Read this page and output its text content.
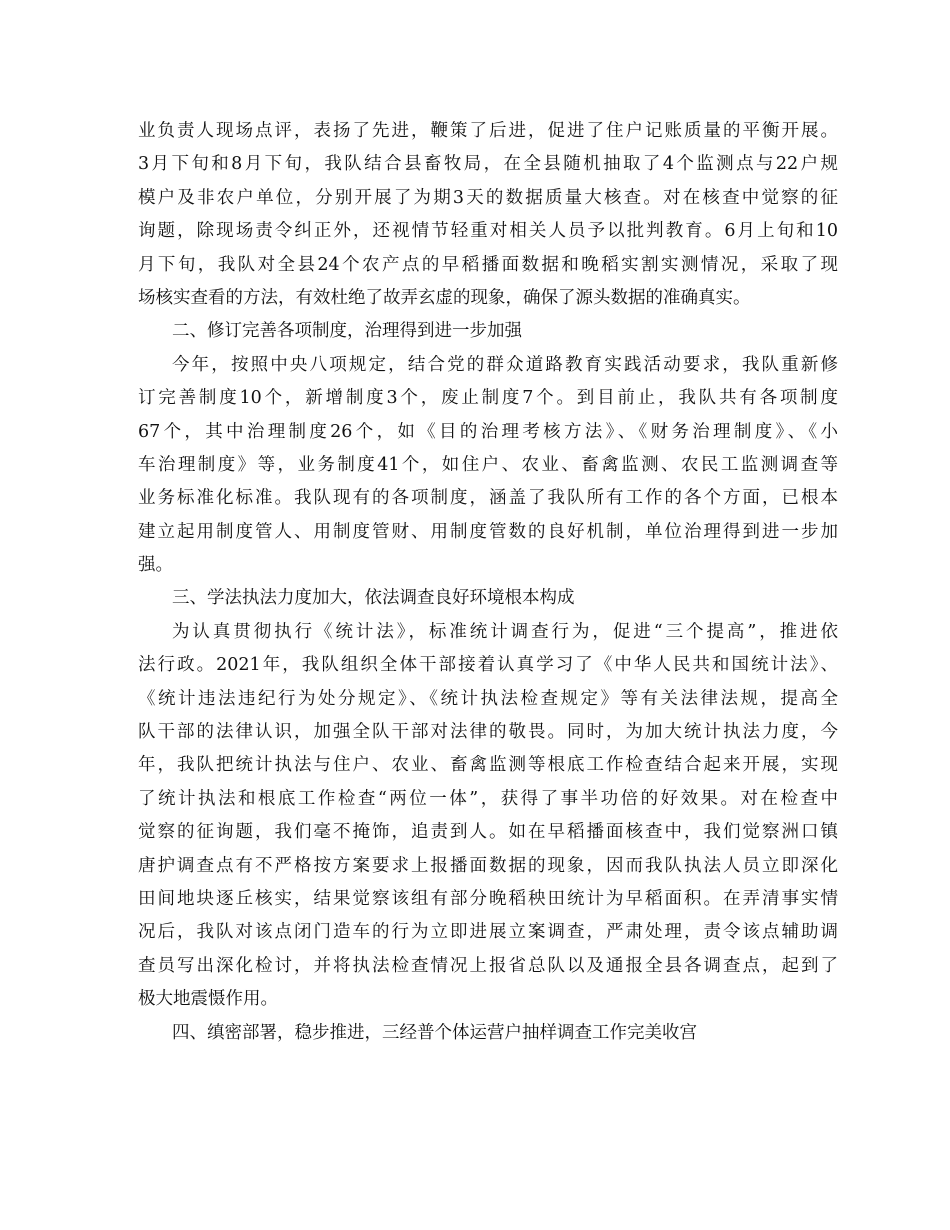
业负责人现场点评，表扬了先进，鞭策了后进，促进了住户记账质量的平衡开展。
3月下旬和8月下旬，我队结合县畜牧局，在全县随机抽取了4个监测点与22户规
模户及非农户单位，分别开展了为期3天的数据质量大核查。对在核查中觉察的征
询题，除现场责令纠正外，还视情节轻重对相关人员予以批判教育。6月上旬和10
月下旬，我队对全县24个农产点的早稻播面数据和晚稻实割实测情况，采取了现
场核实查看的方法，有效杜绝了故弄玄虚的现象，确保了源头数据的准确真实。
二、修订完善各项制度，治理得到进一步加强
今年，按照中央八项规定，结合党的群众道路教育实践活动要求，我队重新修
订完善制度10个，新增制度3个，废止制度7个。到目前止，我队共有各项制度
67个，其中治理制度26个，如《目的治理考核方法》、《财务治理制度》、《小
车治理制度》等，业务制度41个，如住户、农业、畜禽监测、农民工监测调查等
业务标准化标准。我队现有的各项制度，涵盖了我队所有工作的各个方面，已根本
建立起用制度管人、用制度管财、用制度管数的良好机制，单位治理得到进一步加
强。
三、学法执法力度加大，依法调查良好环境根本构成
为认真贯彻执行《统计法》，标准统计调查行为，促进“三个提高”，推进依
法行政。2021年，我队组织全体干部接着认真学习了《中华人民共和国统计法》、
《统计违法违纪行为处分规定》、《统计执法检查规定》等有关法律法规，提高全
队干部的法律认识，加强全队干部对法律的敬畏。同时，为加大统计执法力度，今
年，我队把统计执法与住户、农业、畜禽监测等根底工作检查结合起来开展，实现
了统计执法和根底工作检查“两位一体”，获得了事半功倍的好效果。对在检查中
觉察的征询题，我们毫不掩饰，追责到人。如在早稻播面核查中，我们觉察洲口镇
唐护调查点有不严格按方案要求上报播面数据的现象，因而我队执法人员立即深化
田间地块逐丘核实，结果觉察该组有部分晚稻秧田统计为早稻面积。在弄清事实情
况后，我队对该点闭门造车的行为立即进展立案调查，严肃处理，责令该点辅助调
查员写出深化检讨，并将执法检查情况上报省总队以及通报全县各调查点，起到了
极大地震慑作用。
四、缜密部署，稳步推进，三经普个体运营户抽样调查工作完美收宫
